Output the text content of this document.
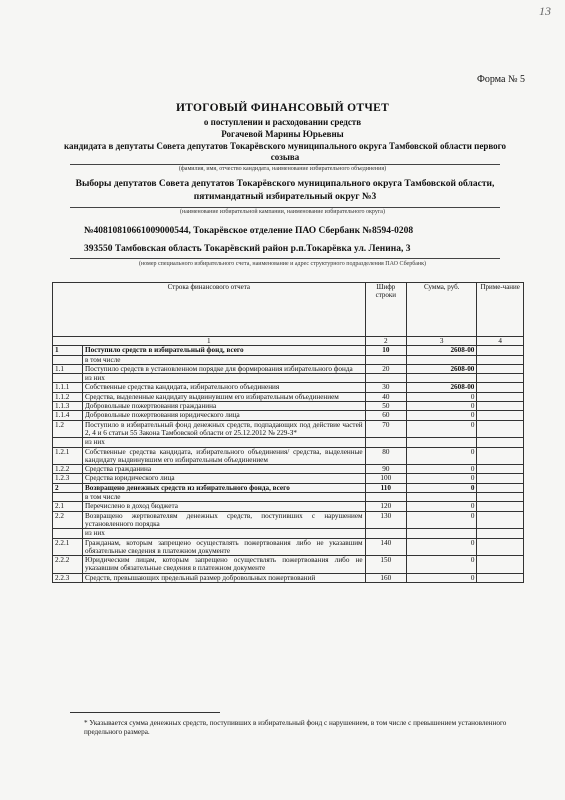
13
Форма № 5
ИТОГОВЫЙ ФИНАНСОВЫЙ ОТЧЕТ
о поступлении и расходовании средств
Рогачевой Марины Юрьевны
кандидата в депутаты Совета депутатов Токарёвского муниципального округа Тамбовской области первого созыва
(фамилия, имя, отчество кандидата, наименование избирательного объединения)
Выборы депутатов Совета депутатов Токарёвского муниципального округа Тамбовской области, пятимандатный избирательный округ №3
(наименование избирательной кампании, наименование избирательного округа)
№40810810661009000544, Токарёвское отделение ПАО Сбербанк №8594-0208
393550 Тамбовская область Токарёвский район р.п.Токарёвка ул. Ленина, 3
(номер специального избирательного счета, наименование и адрес структурного подразделения ПАО Сбербанк)
Строка финансового отчета		Шифр строки	Сумма, руб.	Приме-чание
1		2	3	4
1	Поступило средств в избирательный фонд, всего	10	2608-00	
	в том числе			
1.1	Поступило средств в установленном порядке для формирования избирательного фонда	20	2608-00	
	из них			
1.1.1	Собственные средства кандидата, избирательного объединения	30	2608-00	
1.1.2	Средства, выделенные кандидату выдвинувшим его избирательным объединением	40	0	
1.1.3	Добровольные пожертвования гражданина	50	0	
1.1.4	Добровольные пожертвования юридического лица	60	0	
1.2	Поступило в избирательный фонд денежных средств, подпадающих под действие частей 2, 4 и 6 статьи 55 Закона Тамбовской области от 25.12.2012 № 229-З*	70	0	
	из них			
1.2.1	Собственные средства кандидата, избирательного объединения/ средства, выделенные кандидату выдвинувшим его избирательным объединением	80	0	
1.2.2	Средства гражданина	90	0	
1.2.3	Средства юридического лица	100	0	
2	Возвращено денежных средств из избирательного фонда, всего	110	0	
	в том числе			
2.1	Перечислено в доход бюджета	120	0	
2.2	Возвращено жертвователям денежных средств, поступивших с нарушением установленного порядка	130	0	
	из них			
2.2.1	Гражданам, которым запрещено осуществлять пожертвования либо не указавшим обязательные сведения в платежном документе	140	0	
2.2.2	Юридическим лицам, которым запрещено осуществлять пожертвования либо не указавшим обязательные сведения в платежном документе	150	0	
2.2.3	Средств, превышающих предельный размер добровольных пожертвований	160	0	
* Указывается сумма денежных средств, поступивших в избирательный фонд с нарушением, в том числе с превышением установленного предельного размера.
